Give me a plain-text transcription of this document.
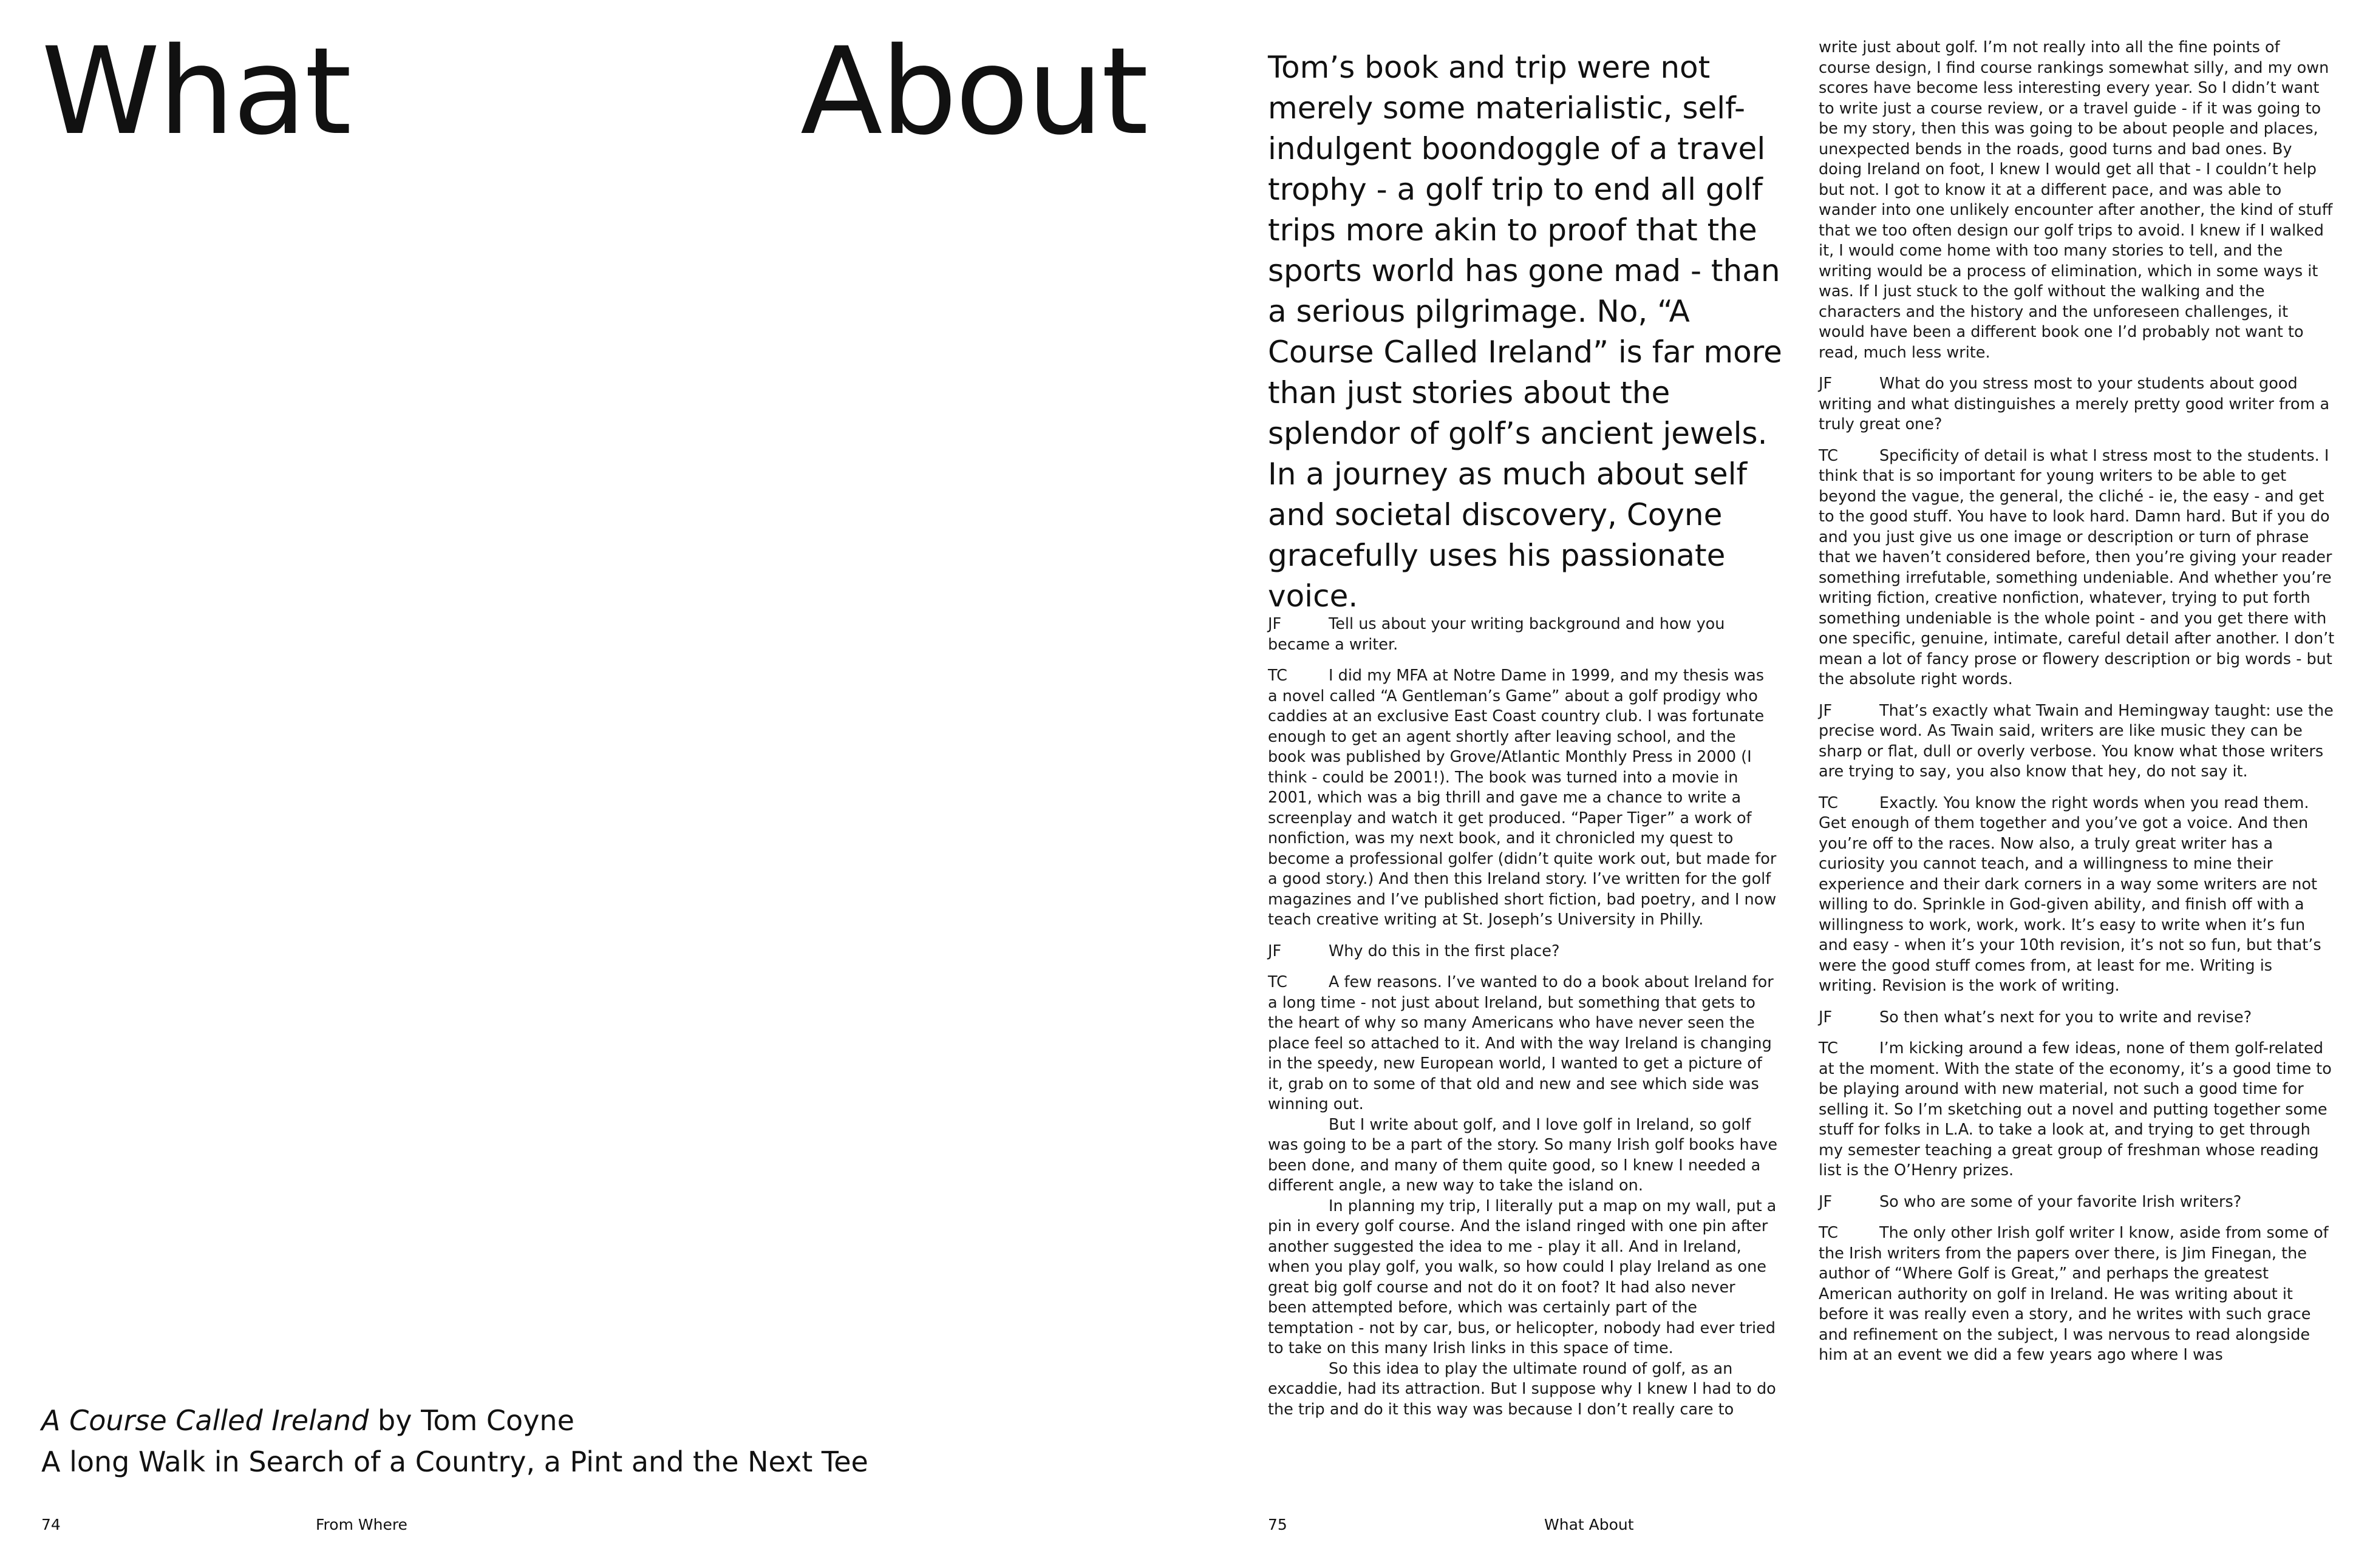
What	About
A Course Called Ireland by Tom Coyne
A long Walk in Search of a Country, a Pint and the Next Tee
74	From Where
Tom’s book and trip were not merely some materialistic, self-indulgent boondoggle of a travel trophy - a golf trip to end all golf trips more akin to proof that the sports world has gone mad - than a serious pilgrimage. No, “A Course Called Ireland” is far more than just stories about the splendor of golf’s ancient jewels. In a journey as much about self and societal discovery, Coyne gracefully uses his passionate voice.
JF	Tell us about your writing background and how you became a writer.
TC	I did my MFA at Notre Dame in 1999, and my thesis was a novel called “A Gentleman’s Game” about a golf prodigy who caddies at an exclusive East Coast country club. I was fortunate enough to get an agent shortly after leaving school, and the book was published by Grove/Atlantic Monthly Press in 2000 (I think - could be 2001!). The book was turned into a movie in 2001, which was a big thrill and gave me a chance to write a screenplay and watch it get produced. “Paper Tiger” a work of nonfiction, was my next book, and it chronicled my quest to become a professional golfer (didn’t quite work out, but made for a good story.) And then this Ireland story. I’ve written for the golf magazines and I’ve published short fiction, bad poetry, and I now teach creative writing at St. Joseph’s University in Philly.
JF	Why do this in the first place?
TC	A few reasons. I’ve wanted to do a book about Ireland for a long time - not just about Ireland, but something that gets to the heart of why so many Americans who have never seen the place feel so attached to it. And with the way Ireland is changing in the speedy, new European world, I wanted to get a picture of it, grab on to some of that old and new and see which side was winning out.

But I write about golf, and I love golf in Ireland, so golf was going to be a part of the story. So many Irish golf books have been done, and many of them quite good, so I knew I needed a different angle, a new way to take the island on.

In planning my trip, I literally put a map on my wall, put a pin in every golf course. And the island ringed with one pin after another suggested the idea to me - play it all. And in Ireland, when you play golf, you walk, so how could I play Ireland as one great big golf course and not do it on foot? It had also never been attempted before, which was certainly part of the temptation - not by car, bus, or helicopter, nobody had ever tried to take on this many Irish links in this space of time.

So this idea to play the ultimate round of golf, as an excaddie, had its attraction. But I suppose why I knew I had to do the trip and do it this way was because I don’t really care to

write just about golf. I’m not really into all the fine points of course design, I find course rankings somewhat silly, and my own scores have become less interesting every year. So I didn’t want to write just a course review, or a travel guide - if it was going to be my story, then this was going to be about people and places, unexpected bends in the roads, good turns and bad ones. By doing Ireland on foot, I knew I would get all that - I couldn’t help but not. I got to know it at a different pace, and was able to wander into one unlikely encounter after another, the kind of stuff that we too often design our golf trips to avoid. I knew if I walked it, I would come home with too many stories to tell, and the writing would be a process of elimination, which in some ways it was. If I just stuck to the golf without the walking and the characters and the history and the unforeseen challenges, it would have been a different book one I’d probably not want to read, much less write.
JF	What do you stress most to your students about good writing and what distinguishes a merely pretty good writer from a truly great one?
TC	Specificity of detail is what I stress most to the students. I think that is so important for young writers to be able to get beyond the vague, the general, the cliché - ie, the easy - and get to the good stuff. You have to look hard. Damn hard. But if you do and you just give us one image or description or turn of phrase that we haven’t considered before, then you’re giving your reader something irrefutable, something undeniable. And whether you’re writing fiction, creative nonfiction, whatever, trying to put forth something undeniable is the whole point - and you get there with one specific, genuine, intimate, careful detail after another. I don’t mean a lot of fancy prose or flowery description or big words - but the absolute right words.
JF	That’s exactly what Twain and Hemingway taught: use the precise word. As Twain said, writers are like music they can be sharp or flat, dull or overly verbose. You know what those writers are trying to say, you also know that hey, do not say it.
TC	Exactly. You know the right words when you read them. Get enough of them together and you’ve got a voice. And then you’re off to the races. Now also, a truly great writer has a curiosity you cannot teach, and a willingness to mine their experience and their dark corners in a way some writers are not willing to do. Sprinkle in God-given ability, and finish off with a willingness to work, work, work. It’s easy to write when it’s fun and easy - when it’s your 10th revision, it’s not so fun, but that’s were the good stuff comes from, at least for me. Writing is writing. Revision is the work of writing.
JF	So then what’s next for you to write and revise?
TC	I’m kicking around a few ideas, none of them golf-related at the moment. With the state of the economy, it’s a good time to be playing around with new material, not such a good time for selling it. So I’m sketching out a novel and putting together some stuff for folks in L.A. to take a look at, and trying to get through my semester teaching a great group of freshman whose reading list is the O’Henry prizes.
JF	So who are some of your favorite Irish writers?
TC	The only other Irish golf writer I know, aside from some of the Irish writers from the papers over there, is Jim Finegan, the author of “Where Golf is Great,” and perhaps the greatest American authority on golf in Ireland. He was writing about it before it was really even a story, and he writes with such grace and refinement on the subject, I was nervous to read alongside him at an event we did a few years ago where I was
75	What About
